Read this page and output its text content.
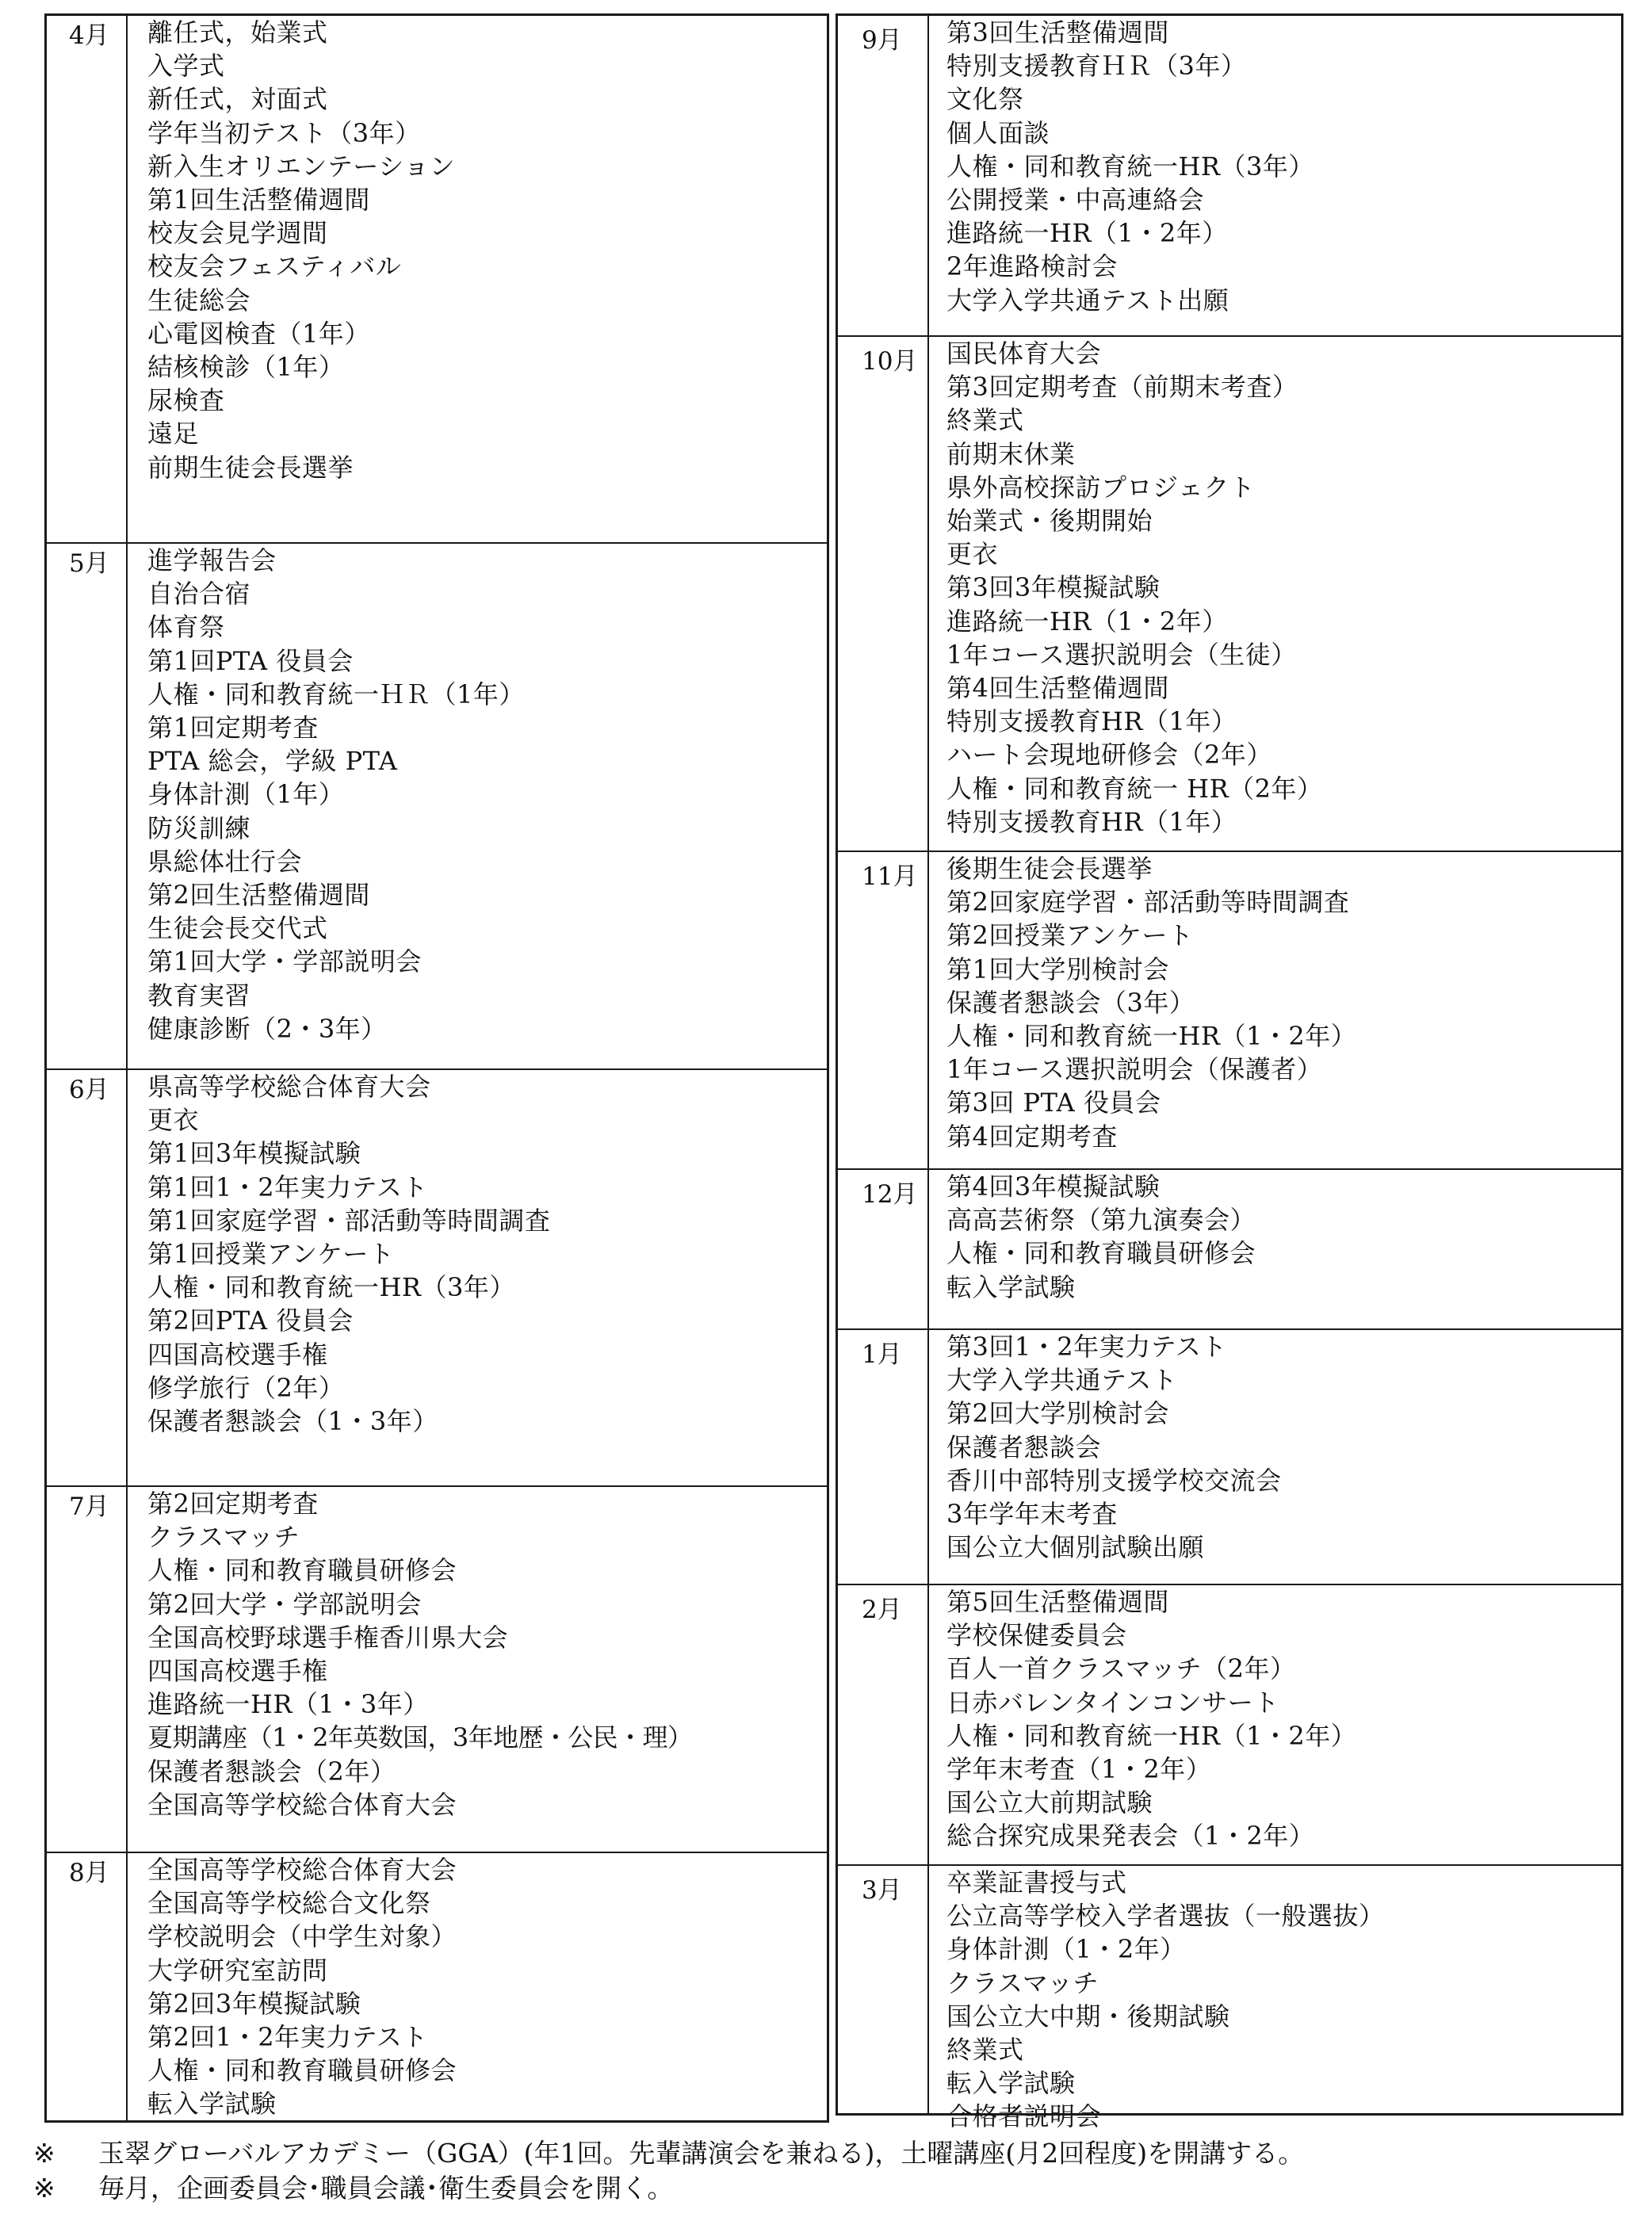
4月 離任式，始業式
入学式
新任式，対面式
学年当初テスト（3年）
新入生オリエンテーション
第1回生活整備週間
校友会見学週間
校友会フェスティバル
生徒総会
心電図検査（1年）
結核検診（1年）
尿検査
遠足
前期生徒会長選挙
5月 進学報告会
自治合宿
体育祭
第1回PTA 役員会
人権・同和教育統一ＨＲ（1年）
第1回定期考査
PTA 総会，学級 PTA
身体計測（1年）
防災訓練
県総体壮行会
第2回生活整備週間
生徒会長交代式
第1回大学・学部説明会
教育実習
健康診断（2・3年）
6月 県高等学校総合体育大会
更衣
第1回3年模擬試験
第1回1・2年実力テスト
第1回家庭学習・部活動等時間調査
第1回授業アンケート
人権・同和教育統一HR（3年）
第2回PTA 役員会
四国高校選手権
修学旅行（2年）
保護者懇談会（1・3年）
7月 第2回定期考査
クラスマッチ
人権・同和教育職員研修会
第2回大学・学部説明会
全国高校野球選手権香川県大会
四国高校選手権
進路統一HR（1・3年）
夏期講座（1・2年英数国，3年地歴・公民・理）
保護者懇談会（2年）
全国高等学校総合体育大会
8月 全国高等学校総合体育大会
全国高等学校総合文化祭
学校説明会（中学生対象）
大学研究室訪問
第2回3年模擬試験
第2回1・2年実力テスト
人権・同和教育職員研修会
転入学試験
9月 第3回生活整備週間
特別支援教育ＨＲ（3年）
文化祭
個人面談
人権・同和教育統一HR（3年）
公開授業・中高連絡会
進路統一HR（1・2年）
2年進路検討会
大学入学共通テスト出願
10月 国民体育大会
第3回定期考査（前期末考査）
終業式
前期末休業
県外高校探訪プロジェクト
始業式・後期開始
更衣
第3回3年模擬試験
進路統一HR（1・2年）
1年コース選択説明会（生徒）
第4回生活整備週間
特別支援教育HR（1年）
ハート会現地研修会（2年）
人権・同和教育統一 HR（2年）
特別支援教育HR（1年）
11月 後期生徒会長選挙
第2回家庭学習・部活動等時間調査
第2回授業アンケート
第1回大学別検討会
保護者懇談会（3年）
人権・同和教育統一HR（1・2年）
1年コース選択説明会（保護者）
第3回 PTA 役員会
第4回定期考査
12月 第4回3年模擬試験
高高芸術祭（第九演奏会）
人権・同和教育職員研修会
転入学試験
1月 第3回1・2年実力テスト
大学入学共通テスト
第2回大学別検討会
保護者懇談会
香川中部特別支援学校交流会
3年学年末考査
国公立大個別試験出願
2月 第5回生活整備週間
学校保健委員会
百人一首クラスマッチ（2年）
日赤バレンタインコンサート
人権・同和教育統一HR（1・2年）
学年末考査（1・2年）
国公立大前期試験
総合探究成果発表会（1・2年）
3月 卒業証書授与式
公立高等学校入学者選抜（一般選抜）
身体計測（1・2年）
クラスマッチ
国公立大中期・後期試験
終業式
転入学試験
合格者説明会
※ 玉翠グローバルアカデミー（GGA）(年1回。先輩講演会を兼ねる)，土曜講座(月2回程度)を開講する。
※ 毎月，企画委員会･職員会議･衛生委員会を開く。
